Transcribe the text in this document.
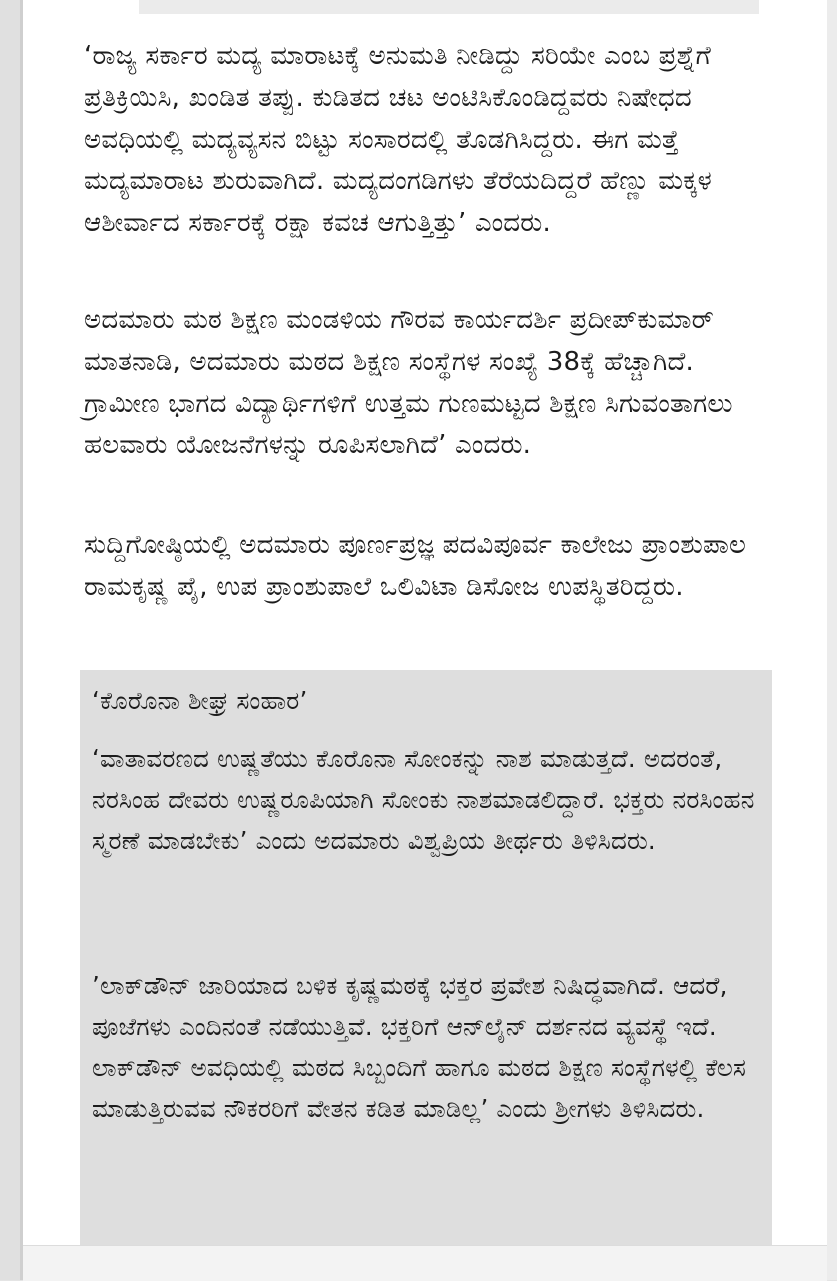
‘ರಾಜ್ಯ ಸರ್ಕಾರ ಮದ್ಯ ಮಾರಾಟಕ್ಕೆ ಅನುಮತಿ ನೀಡಿದ್ದು ಸರಿಯೇ ಎಂಬ ಪ್ರಶ್ನೆಗೆ ಪ್ರತಿಕ್ರಿಯಿಸಿ, ಖಂಡಿತ ತಪ್ಪು. ಕುಡಿತದ ಚಟ ಅಂಟಿಸಿಕೊಂಡಿದ್ದವರು ನಿಷೇಧದ ಅವಧಿಯಲ್ಲಿ ಮದ್ಯವ್ಯಸನ ಬಿಟ್ಟು ಸಂಸಾರದಲ್ಲಿ ತೊಡಗಿಸಿದ್ದರು. ಈಗ ಮತ್ತೆ ಮದ್ಯಮಾರಾಟ ಶುರುವಾಗಿದೆ. ಮದ್ಯದಂಗಡಿಗಳು ತೆರೆಯದಿದ್ದರೆ ಹೆಣ್ಣು ಮಕ್ಕಳ ಆಶೀರ್ವಾದ ಸರ್ಕಾರಕ್ಕೆ ರಕ್ಷಾ ಕವಚ ಆಗುತ್ತಿತ್ತು’ ಎಂದರು.

ಅದಮಾರು ಮಠ ಶಿಕ್ಷಣ ಮಂಡಳಿಯ ಗೌರವ ಕಾರ್ಯದರ್ಶಿ ಪ್ರದೀಪ್‌ಕುಮಾರ್ ಮಾತನಾಡಿ, ಅದಮಾರು ಮಠದ ಶಿಕ್ಷಣ ಸಂಸ್ಥೆಗಳ ಸಂಖ್ಯೆ 38ಕ್ಕೆ ಹೆಚ್ಚಾಗಿದೆ. ಗ್ರಾಮೀಣ ಭಾಗದ ವಿದ್ಯಾರ್ಥಿಗಳಿಗೆ ಉತ್ತಮ ಗುಣಮಟ್ಟದ ಶಿಕ್ಷಣ ಸಿಗುವಂತಾಗಲು ಹಲವಾರು ಯೋಜನೆಗಳನ್ನು ರೂಪಿಸಲಾಗಿದೆ’ ಎಂದರು.

ಸುದ್ದಿಗೋಷ್ಠಿಯಲ್ಲಿ ಅದಮಾರು ಪೂರ್ಣಪ್ರಜ್ಞ ಪದವಿಪೂರ್ವ ಕಾಲೇಜು ಪ್ರಾಂಶುಪಾಲ ರಾಮಕೃಷ್ಣ ಪೈ, ಉಪ ಪ್ರಾಂಶುಪಾಲೆ ಒಲಿವಿಟಾ ಡಿಸೋಜ ಉಪಸ್ಥಿತರಿದ್ದರು.

‘ಕೊರೊನಾ ಶೀಘ್ರ ಸಂಹಾರ’

‘ವಾತಾವರಣದ ಉಷ್ಣತೆಯು ಕೊರೊನಾ ಸೋಂಕನ್ನು ನಾಶ ಮಾಡುತ್ತದೆ. ಅದರಂತೆ, ನರಸಿಂಹ ದೇವರು ಉಷ್ಣರೂಪಿಯಾಗಿ ಸೋಂಕು ನಾಶಮಾಡಲಿದ್ದಾರೆ. ಭಕ್ತರು ನರಸಿಂಹನ ಸ್ಮರಣೆ ಮಾಡಬೇಕು’ ಎಂದು ಅದಮಾರು ವಿಶ್ವಪ್ರಿಯ ತೀರ್ಥರು ತಿಳಿಸಿದರು.

’ಲಾಕ್‌ಡೌನ್ ಜಾರಿಯಾದ ಬಳಿಕ ಕೃಷ್ಣಮಠಕ್ಕೆ ಭಕ್ತರ ಪ್ರವೇಶ ನಿಷಿದ್ಧವಾಗಿದೆ. ಆದರೆ, ಪೂಜೆಗಳು ಎಂದಿನಂತೆ ನಡೆಯುತ್ತಿವೆ. ಭಕ್ತರಿಗೆ ಆನ್‌ಲೈನ್ ದರ್ಶನದ ವ್ಯವಸ್ಥೆ ಇದೆ. ಲಾಕ್‌ಡೌನ್ ಅವಧಿಯಲ್ಲಿ ಮಠದ ಸಿಬ್ಬಂದಿಗೆ ಹಾಗೂ ಮಠದ ಶಿಕ್ಷಣ ಸಂಸ್ಥೆಗಳಲ್ಲಿ ಕೆಲಸ ಮಾಡುತ್ತಿರುವವ ನೌಕರರಿಗೆ ವೇತನ ಕಡಿತ ಮಾಡಿಲ್ಲ’ ಎಂದು ಶ್ರೀಗಳು ತಿಳಿಸಿದರು.
